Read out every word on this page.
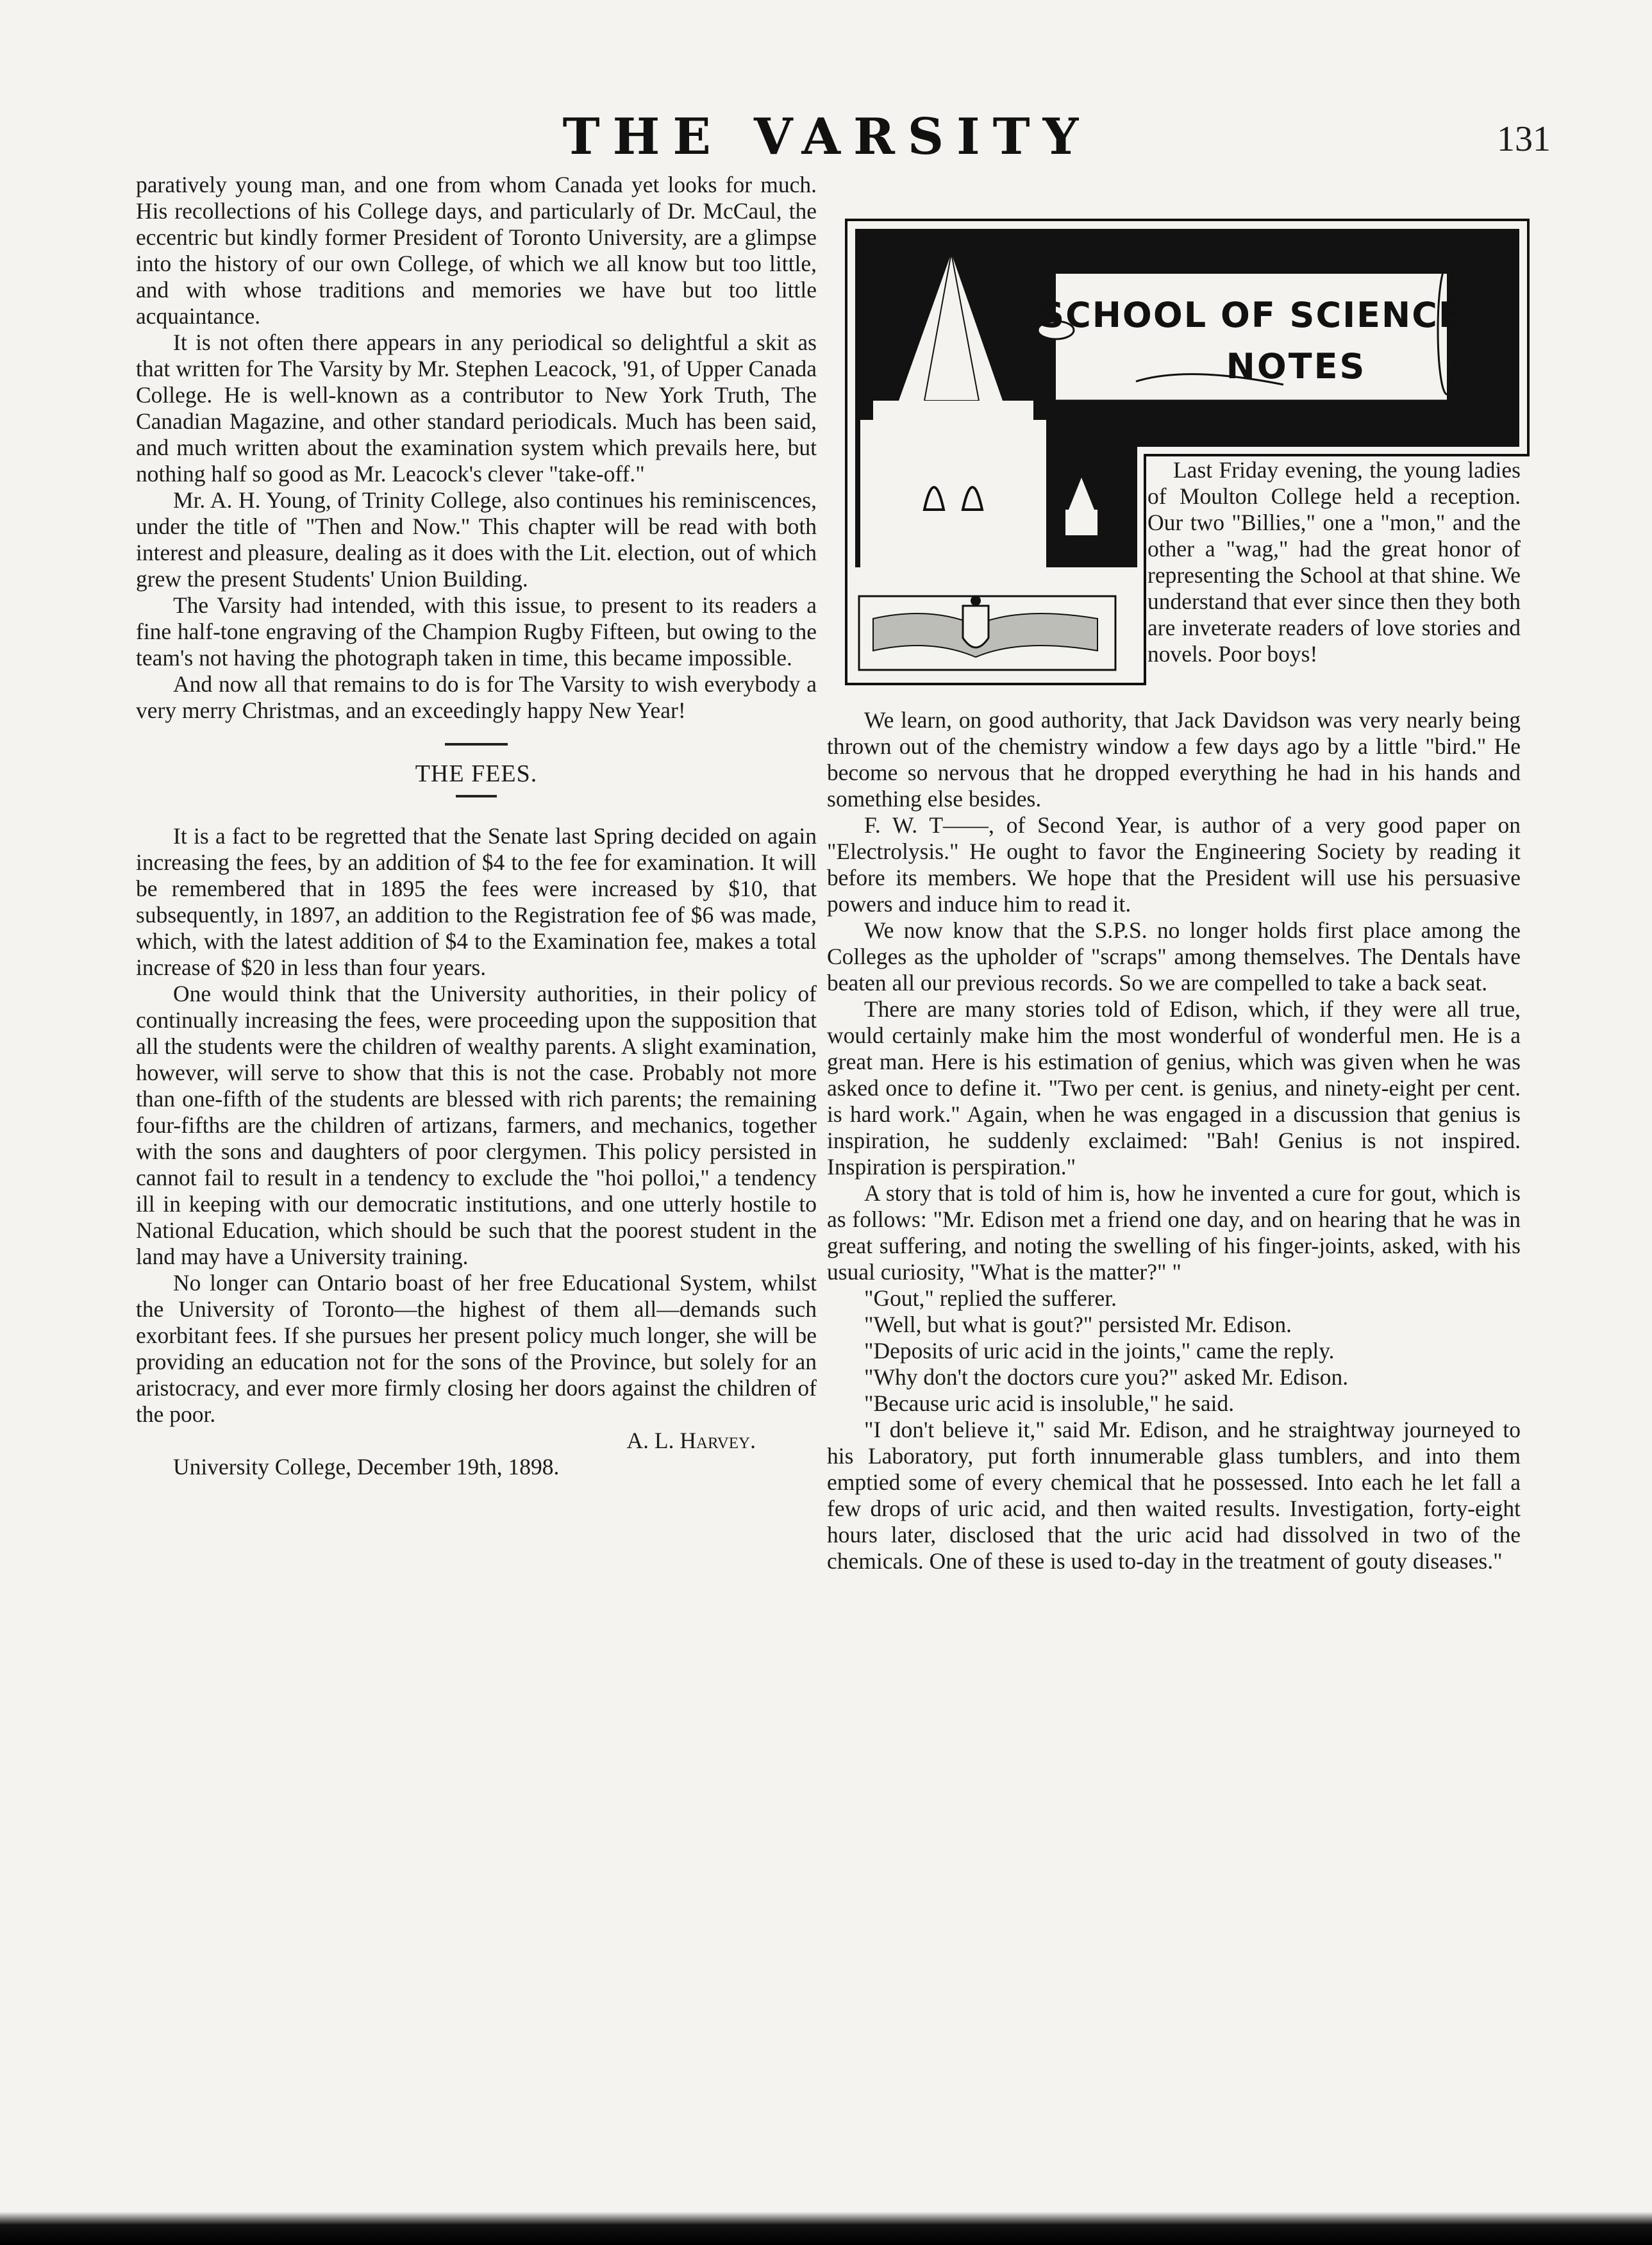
THE VARSITY	131

paratively young man, and one from whom Canada yet looks for much. His recollections of his College days, and particularly of Dr. McCaul, the eccentric but kindly former President of Toronto University, are a glimpse into the history of our own College, of which we all know but too little, and with whose traditions and memories we have but too little acquaintance.

It is not often there appears in any periodical so delightful a skit as that written for The Varsity by Mr. Stephen Leacock, '91, of Upper Canada College. He is well-known as a contributor to New York Truth, The Canadian Magazine, and other standard periodicals. Much has been said, and much written about the examination system which prevails here, but nothing half so good as Mr. Leacock's clever "take-off."

Mr. A. H. Young, of Trinity College, also continues his reminiscences, under the title of "Then and Now." This chapter will be read with both interest and pleasure, dealing as it does with the Lit. election, out of which grew the present Students' Union Building.

The Varsity had intended, with this issue, to present to its readers a fine half-tone engraving of the Champion Rugby Fifteen, but owing to the team's not having the photograph taken in time, this became impossible.

And now all that remains to do is for The Varsity to wish everybody a very merry Christmas, and an exceedingly happy New Year!

THE FEES.

It is a fact to be regretted that the Senate last Spring decided on again increasing the fees, by an addition of $4 to the fee for examination. It will be remembered that in 1895 the fees were increased by $10, that subsequently, in 1897, an addition to the Registration fee of $6 was made, which, with the latest addition of $4 to the Examination fee, makes a total increase of $20 in less than four years.

One would think that the University authorities, in their policy of continually increasing the fees, were proceeding upon the supposition that all the students were the children of wealthy parents. A slight examination, however, will serve to show that this is not the case. Probably not more than one-fifth of the students are blessed with rich parents; the remaining four-fifths are the children of artizans, farmers, and mechanics, together with the sons and daughters of poor clergymen. This policy persisted in cannot fail to result in a tendency to exclude the "hoi polloi," a tendency ill in keeping with our democratic institutions, and one utterly hostile to National Education, which should be such that the poorest student in the land may have a University training.

No longer can Ontario boast of her free Educational System, whilst the University of Toronto—the highest of them all—demands such exorbitant fees. If she pursues her present policy much longer, she will be providing an education not for the sons of the Province, but solely for an aristocracy, and ever more firmly closing her doors against the children of the poor.

A. L. Harvey.

University College, December 19th, 1898.

SCHOOL OF SCIENCE
NOTES

Last Friday evening, the young ladies of Moulton College held a reception. Our two "Billies," one a "mon," and the other a "wag," had the great honor of representing the School at that shine. We understand that ever since then they both are inveterate readers of love stories and novels. Poor boys!

We learn, on good authority, that Jack Davidson was very nearly being thrown out of the chemistry window a few days ago by a little "bird." He become so nervous that he dropped everything he had in his hands and something else besides.

F. W. T——, of Second Year, is author of a very good paper on "Electrolysis." He ought to favor the Engineering Society by reading it before its members. We hope that the President will use his persuasive powers and induce him to read it.

We now know that the S.P.S. no longer holds first place among the Colleges as the upholder of "scraps" among themselves. The Dentals have beaten all our previous records. So we are compelled to take a back seat.

There are many stories told of Edison, which, if they were all true, would certainly make him the most wonderful of wonderful men. He is a great man. Here is his estimation of genius, which was given when he was asked once to define it. "Two per cent. is genius, and ninety-eight per cent. is hard work." Again, when he was engaged in a discussion that genius is inspiration, he suddenly exclaimed: "Bah! Genius is not inspired. Inspiration is perspiration."

A story that is told of him is, how he invented a cure for gout, which is as follows: "Mr. Edison met a friend one day, and on hearing that he was in great suffering, and noting the swelling of his finger-joints, asked, with his usual curiosity, "What is the matter?" "

"Gout," replied the sufferer.

"Well, but what is gout?" persisted Mr. Edison.

"Deposits of uric acid in the joints," came the reply.

"Why don't the doctors cure you?" asked Mr. Edison.

"Because uric acid is insoluble," he said.

"I don't believe it," said Mr. Edison, and he straightway journeyed to his Laboratory, put forth innumerable glass tumblers, and into them emptied some of every chemical that he possessed. Into each he let fall a few drops of uric acid, and then waited results. Investigation, forty-eight hours later, disclosed that the uric acid had dissolved in two of the chemicals. One of these is used to-day in the treatment of gouty diseases."
